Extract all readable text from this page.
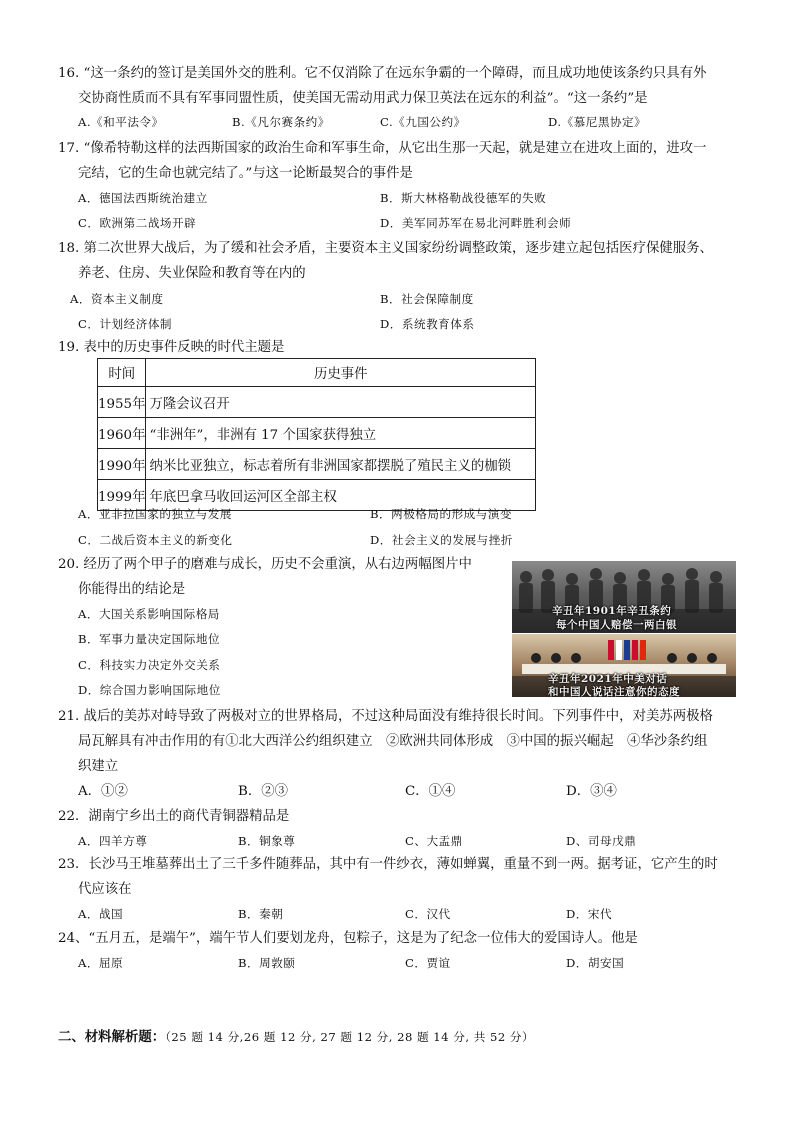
16. “这一条约的签订是美国外交的胜利。它不仅消除了在远东争霸的一个障碍，而且成功地使该条约只具有外
交协商性质而不具有军事同盟性质，使美国无需动用武力保卫英法在远东的利益”。“这一条约”是
A.《和平法令》	B.《凡尔赛条约》	C.《九国公约》	D.《慕尼黑协定》
17. “像希特勒这样的法西斯国家的政治生命和军事生命，从它出生那一天起，就是建立在进攻上面的，进攻一
完结，它的生命也就完结了。”与这一论断最契合的事件是
A．德国法西斯统治建立	B．斯大林格勒战役德军的失败
C．欧洲第二战场开辟	D．美军同苏军在易北河畔胜利会师
18. 第二次世界大战后，为了缓和社会矛盾，主要资本主义国家纷纷调整政策，逐步建立起包括医疗保健服务、
养老、住房、失业保险和教育等在内的
A．资本主义制度	B．社会保障制度
C．计划经济体制	D．系统教育体系
19. 表中的历史事件反映的时代主题是
时间	历史事件
1955年	万隆会议召开
1960年	“非洲年”，非洲有 17 个国家获得独立
1990年	纳米比亚独立，标志着所有非洲国家都摆脱了殖民主义的枷锁
1999年	年底巴拿马收回运河区全部主权
A．亚非拉国家的独立与发展	B．两极格局的形成与演变
C．二战后资本主义的新变化	D．社会主义的发展与挫折
20. 经历了两个甲子的磨难与成长，历史不会重演，从右边两幅图片中
你能得出的结论是
A．大国关系影响国际格局
B．军事力量决定国际地位
C．科技实力决定外交关系
D．综合国力影响国际地位
辛丑年1901年辛丑条约
每个中国人赔偿一两白银
辛丑年2021年中美对话
和中国人说话注意你的态度
21. 战后的美苏对峙导致了两极对立的世界格局，不过这种局面没有维持很长时间。下列事件中，对美苏两极格
局瓦解具有冲击作用的有①北大西洋公约组织建立　②欧洲共同体形成　③中国的振兴崛起　④华沙条约组
织建立
A．①②	B．②③	C．①④	D．③④
22．湖南宁乡出土的商代青铜器精品是
A．四羊方尊	B．铜象尊	C、大盂鼎	D、司母戊鼎
23．长沙马王堆墓葬出土了三千多件随葬品，其中有一件纱衣，薄如蝉翼，重量不到一两。据考证，它产生的时
代应该在
A．战国	B．秦朝	C．汉代	D．宋代
24、“五月五，是端午”，端午节人们要划龙舟，包粽子，这是为了纪念一位伟大的爱国诗人。他是
A．屈原	B．周敦颐	C．贾谊	D．胡安国
二、材料解析题：（25 题 14 分,26 题 12 分, 27 题 12 分, 28 题 14 分, 共 52 分）
